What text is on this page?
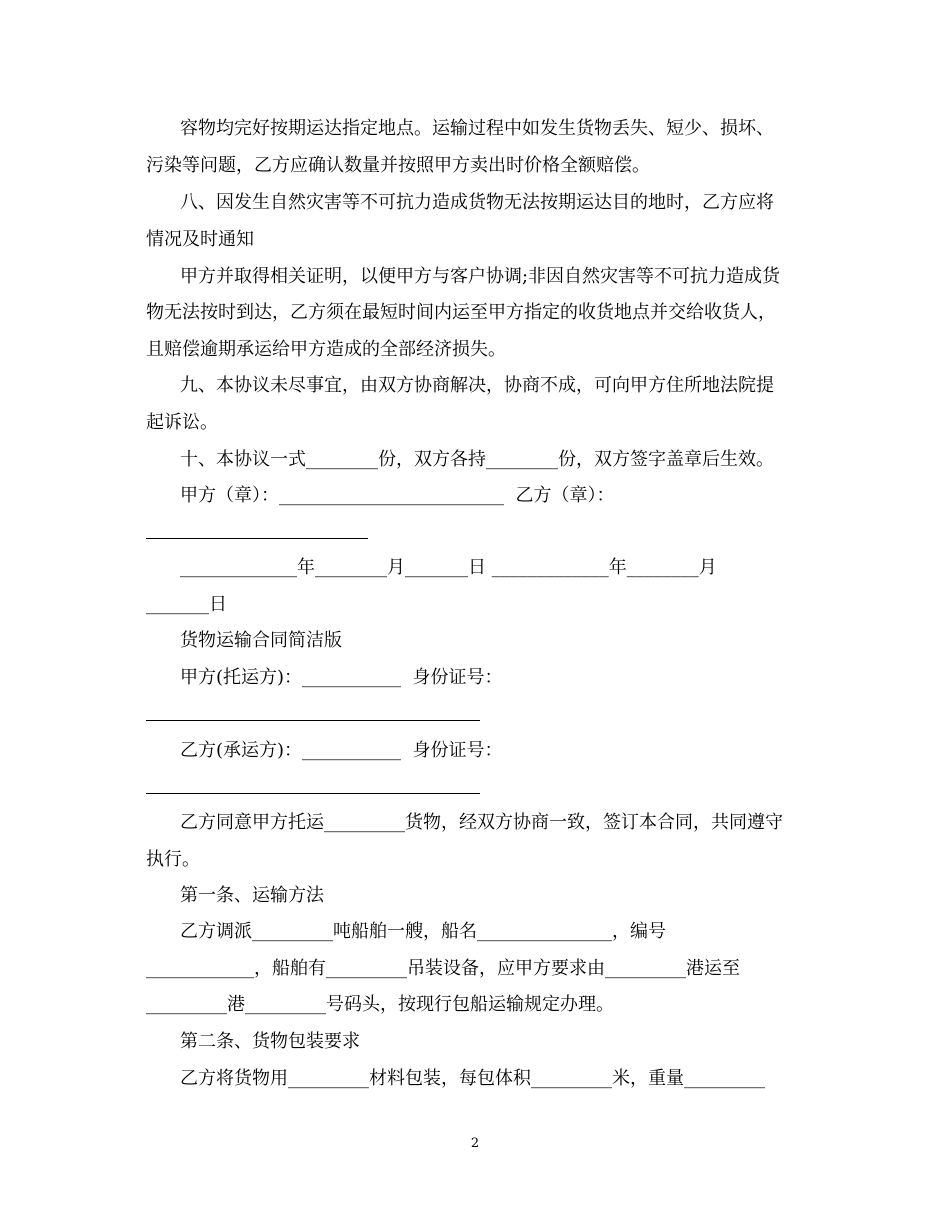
容物均完好按期运达指定地点。运输过程中如发生货物丢失、短少、损坏、
污染等问题，乙方应确认数量并按照甲方卖出时价格全额赔偿。
八、因发生自然灾害等不可抗力造成货物无法按期运达目的地时，乙方应将
情况及时通知
甲方并取得相关证明，以便甲方与客户协调;非因自然灾害等不可抗力造成货
物无法按时到达，乙方须在最短时间内运至甲方指定的收货地点并交给收货人，
且赔偿逾期承运给甲方造成的全部经济损失。
九、本协议未尽事宜，由双方协商解决，协商不成，可向甲方住所地法院提
起诉讼。
十、本协议一式________份，双方各持________份，双方签字盖章后生效。
甲方（章）：_________________________  乙方（章）：
_____________年________月_______日 _____________年________月
_______日
货物运输合同简洁版
甲方(托运方)：___________  身份证号：
乙方(承运方)：___________  身份证号：
乙方同意甲方托运_________货物，经双方协商一致，签订本合同，共同遵守
执行。
第一条、运输方法
乙方调派_________吨船舶一艘，船名_______________，编号
____________，船舶有_________吊装设备，应甲方要求由_________港运至
_________港_________号码头，按现行包船运输规定办理。
第二条、货物包装要求
乙方将货物用_________材料包装，每包体积_________米，重量_________
2
